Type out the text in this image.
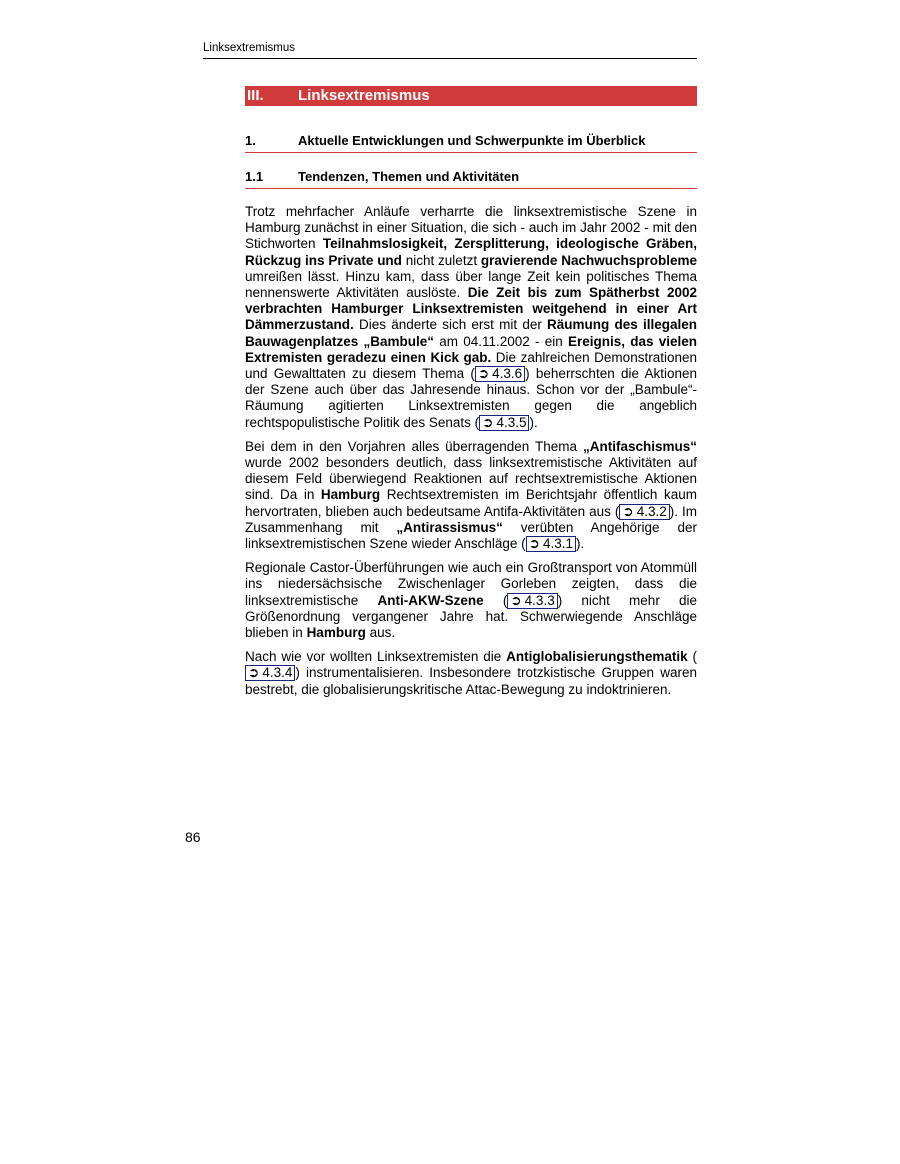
Linksextremismus
III. Linksextremismus
1.	Aktuelle Entwicklungen und Schwerpunkte im Überblick
1.1	Tendenzen, Themen und Aktivitäten

Trotz mehrfacher Anläufe verharrte die linksextremistische Szene in Hamburg zunächst in einer Situation, die sich - auch im Jahr 2002 - mit den Stichworten Teilnahmslosigkeit, Zersplitterung, ideologische Gräben, Rückzug ins Private und nicht zuletzt gravierende Nachwuchsprobleme umreißen lässt. Hinzu kam, dass über lange Zeit kein politisches Thema nennenswerte Aktivitäten auslöste. Die Zeit bis zum Spätherbst 2002 verbrachten Hamburger Linksextremisten weitgehend in einer Art Dämmerzustand. Dies änderte sich erst mit der Räumung des illegalen Bauwagenplatzes „Bambule“ am 04.11.2002 - ein Ereignis, das vielen Extremisten geradezu einen Kick gab. Die zahlreichen Demonstrationen und Gewalttaten zu diesem Thema ( ➲ 4.3.6 ) beherrschten die Aktionen der Szene auch über das Jahresende hinaus. Schon vor der „Bambule“-Räumung agitierten Linksextremisten gegen die angeblich rechtspopulistische Politik des Senats ( ➲ 4.3.5 ).

Bei dem in den Vorjahren alles überragenden Thema „Antifaschismus“ wurde 2002 besonders deutlich, dass linksextremistische Aktivitäten auf diesem Feld überwiegend Reaktionen auf rechtsextremistische Aktionen sind. Da in Hamburg Rechtsextremisten im Berichtsjahr öffentlich kaum hervortraten, blieben auch bedeutsame Antifa-Aktivitäten aus ( ➲ 4.3.2 ). Im Zusammenhang mit „Antirassismus“ verübten Angehörige der linksextremistischen Szene wieder Anschläge ( ➲ 4.3.1 ).

Regionale Castor-Überführungen wie auch ein Großtransport von Atommüll ins niedersächsische Zwischenlager Gorleben zeigten, dass die linksextremistische Anti-AKW-Szene ( ➲ 4.3.3 ) nicht mehr die Größenordnung vergangener Jahre hat. Schwerwiegende Anschläge blieben in Hamburg aus.

Nach wie vor wollten Linksextremisten die Antiglobalisierungsthematik (➲ 4.3.4 ) instrumentalisieren. Insbesondere trotzkistische Gruppen waren bestrebt, die globalisierungskritische Attac-Bewegung zu indoktrinieren.

86
